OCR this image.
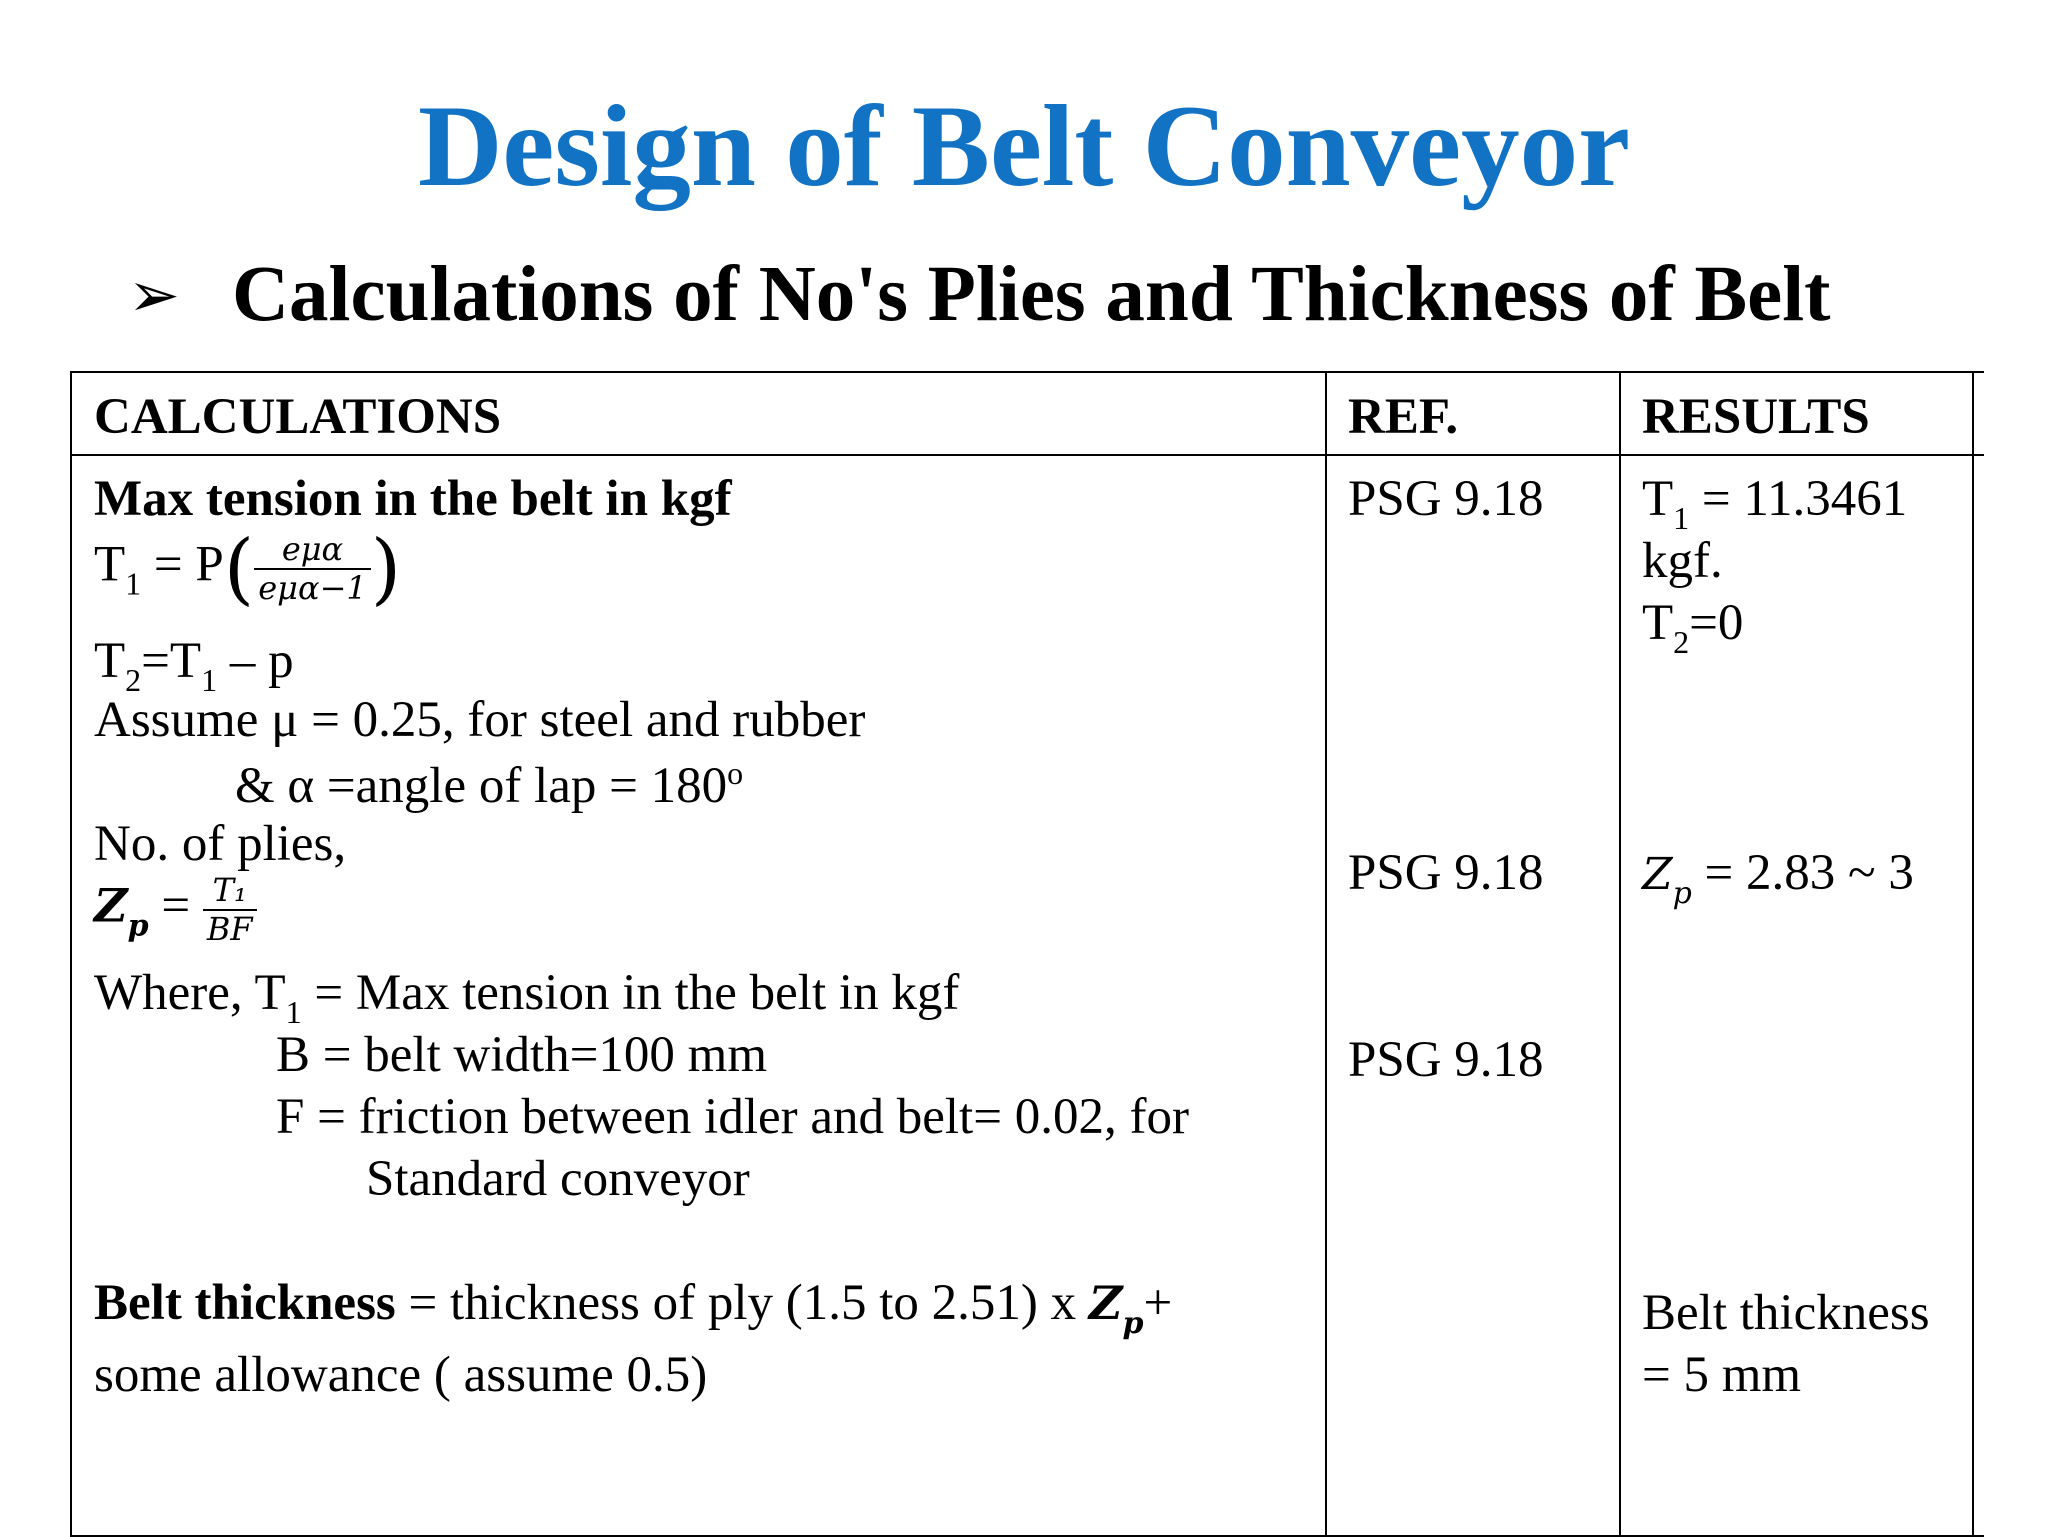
Design of Belt Conveyor
➢ Calculations of No's Plies and Thickness of Belt
CALCULATIONS	REF.	RESULTS
Max tension in the belt in kgf
$T_1 = P( \frac{\text{eμα}}{\text{eμα−1}}$ )
$T_2=T_1 - p$
Assume μ = 0.25, for steel and rubber
& α =angle of lap = $180^o$
No. of plies,
$Z_p = \frac{\text{T₁}}{BF}$
Where, $T_1$ = Max tension in the belt in kgf
B = belt width=100 mm
F = friction between idler and belt= 0.02, for
Standard conveyor
Belt thickness = thickness of ply (1.5 to 2.51) x $Z_p+$
some allowance ( assume 0.5)
PSG 9.18
PSG 9.18
PSG 9.18
$T_1 = 11.3461$
kgf.
$T_2=0$
$Z_p = 2.83$ ~ 3
Belt thickness
= 5 mm
